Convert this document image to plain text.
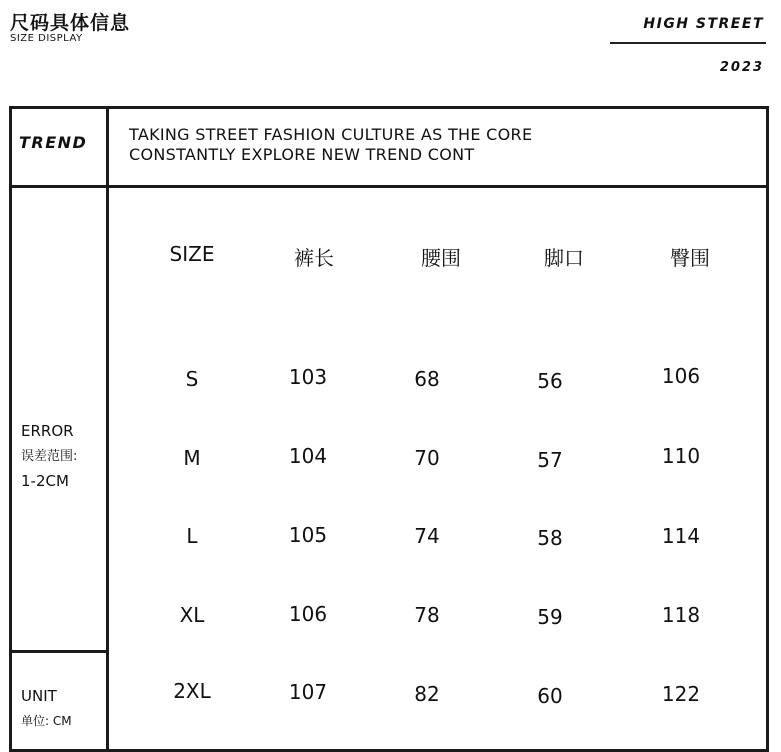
尺码具体信息
SIZE DISPLAY
HIGH STREET
2023
TREND	TAKING STREET FASHION CULTURE AS THE CORE
CONSTANTLY EXPLORE NEW TREND CONT
ERROR
误差范围:
1-2CM
UNIT
单位: CM
SIZE	裤长	腰围	脚口	臀围
S	103	68	56	106
M	104	70	57	110
L	105	74	58	114
XL	106	78	59	118
2XL	107	82	60	122
